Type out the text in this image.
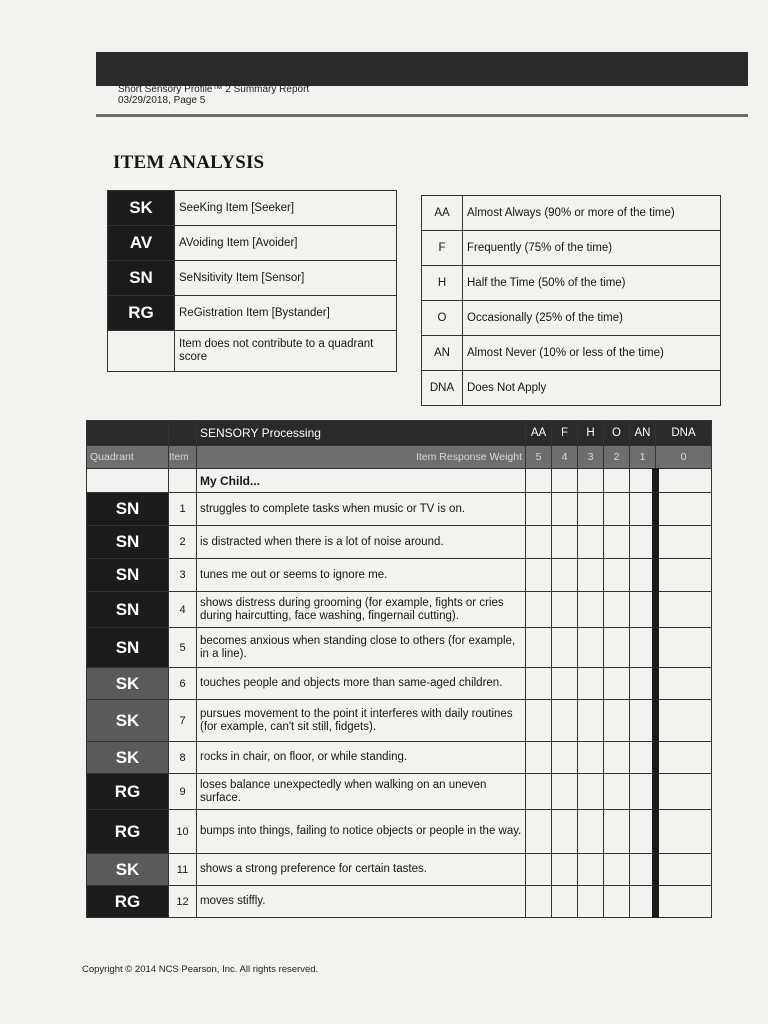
Short Sensory Profile™ 2 Summary Report
03/29/2018, Page 5
ITEM ANALYSIS
SK	SeeKing Item [Seeker]
AV	AVoiding Item [Avoider]
SN	SeNsitivity Item [Sensor]
RG	ReGistration Item [Bystander]
	Item does not contribute to a quadrant score
AA	Almost Always (90% or more of the time)
F	Frequently (75% of the time)
H	Half the Time (50% of the time)
O	Occasionally (25% of the time)
AN	Almost Never (10% or less of the time)
DNA	Does Not Apply
		SENSORY Processing	AA	F	H	O	AN	DNA
Quadrant	Item	Item Response Weight	5	4	3	2	1	0
		My Child...						
SN	1	struggles to complete tasks when music or TV is on.						
SN	2	is distracted when there is a lot of noise around.						
SN	3	tunes me out or seems to ignore me.						
SN	4	shows distress during grooming (for example, fights or cries during haircutting, face washing, fingernail cutting).						
SN	5	becomes anxious when standing close to others (for example, in a line).						
SK	6	touches people and objects more than same-aged children.						
SK	7	pursues movement to the point it interferes with daily routines (for example, can't sit still, fidgets).						
SK	8	rocks in chair, on floor, or while standing.						
RG	9	loses balance unexpectedly when walking on an uneven surface.						
RG	10	bumps into things, failing to notice objects or people in the way.						
SK	11	shows a strong preference for certain tastes.						
RG	12	moves stiffly.						
Copyright © 2014 NCS Pearson, Inc. All rights reserved.
